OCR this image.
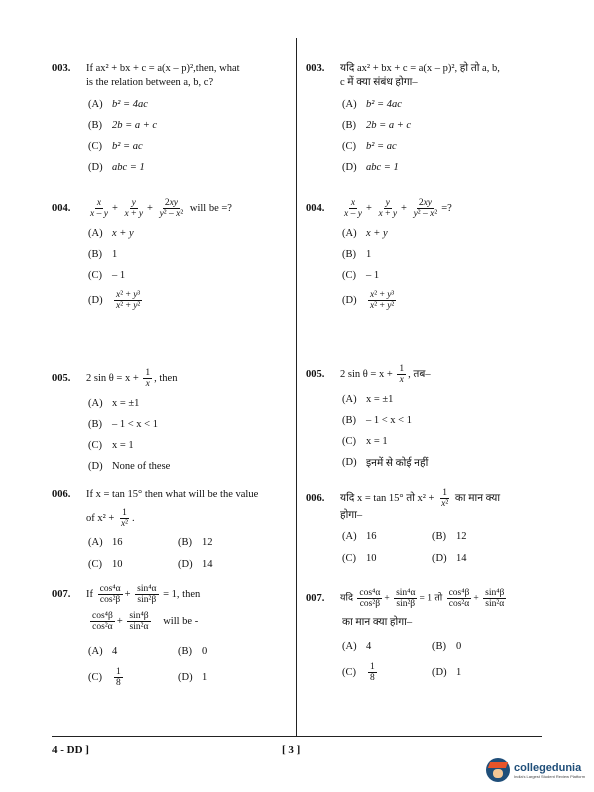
003.	If ax² + bx + c = a(x – p)²,then, what
is the relation between a, b, c?
(A) b² = 4ac
(B) 2b = a + c
(C) b² = ac
(D) abc = 1
004.	$\frac{x}{x - y} + \frac{y}{x + y} + \frac{2xy}{\text{y² – x²}}$ will be =?
(A) x + y
(B) 1
(C) – 1
(D)	$\frac{\text{x² + y³}}{\text{x² + y²}}$
005.	2 $\sin \theta = x + \frac{1}{x}$ , then
(A) x = ±1
(B) – 1 < x < 1
(C) x = 1
(D) None of these
006.	If x = tan 15° then what will be the value
of $x^2 + \frac{1}{\text{x²}}$ .
(A) 16	(B) 12
(C) 10	(D) 14
007.	If $\frac{\text{cos⁴α}}{\text{cos²β}} + \frac{\text{sin⁴α}}{\text{sin²β}} = 1$, then
$\frac{\text{cos⁴β}}{\text{cos²α}} + \frac{\text{sin⁴β}}{\text{sin²α}}$ will be -
(A) 4	(B) 0
(C)	$\frac{1}{8}$	(D) 1
003.	यदि ax² + bx + c = a(x – p)², हो तो a, b,
c में क्या संबंध होगा–
(A) b² = 4ac
(B) 2b = a + c
(C) b² = ac
(D) abc = 1
004.	$\frac{x}{x - y} + \frac{y}{x + y} + \frac{2xy}{\text{y² – x²}}$ =?
(A) x + y
(B) 1
(C) – 1
(D)	$\frac{\text{x² + y³}}{\text{x² + y²}}$
005.	2 $\sin \theta = x + \frac{1}{x}$ , तब–
(A) x = ±1
(B) – 1 < x < 1
(C) x = 1
(D) इनमें से कोई नहीं
006.	यदि x = tan 15° तो $x^2 + \frac{1}{\text{x²}}$ का मान क्या
होगा–
(A) 16	(B) 12
(C) 10	(D) 14
007.	यदि $\frac{\text{cos⁴α}}{\text{cos²β}} + \frac{\text{sin⁴α}}{\text{sin²β}} = 1$ तो $\frac{\text{cos⁴β}}{\text{cos²α}} + \frac{\text{sin⁴β}}{\text{sin²α}}$
का मान क्या होगा–
(A) 4	(B) 0
(C)	$\frac{1}{8}$	(D) 1
4 - DD ]	[ 3 ]
collegedunia
India's Largest Student Review Platform
